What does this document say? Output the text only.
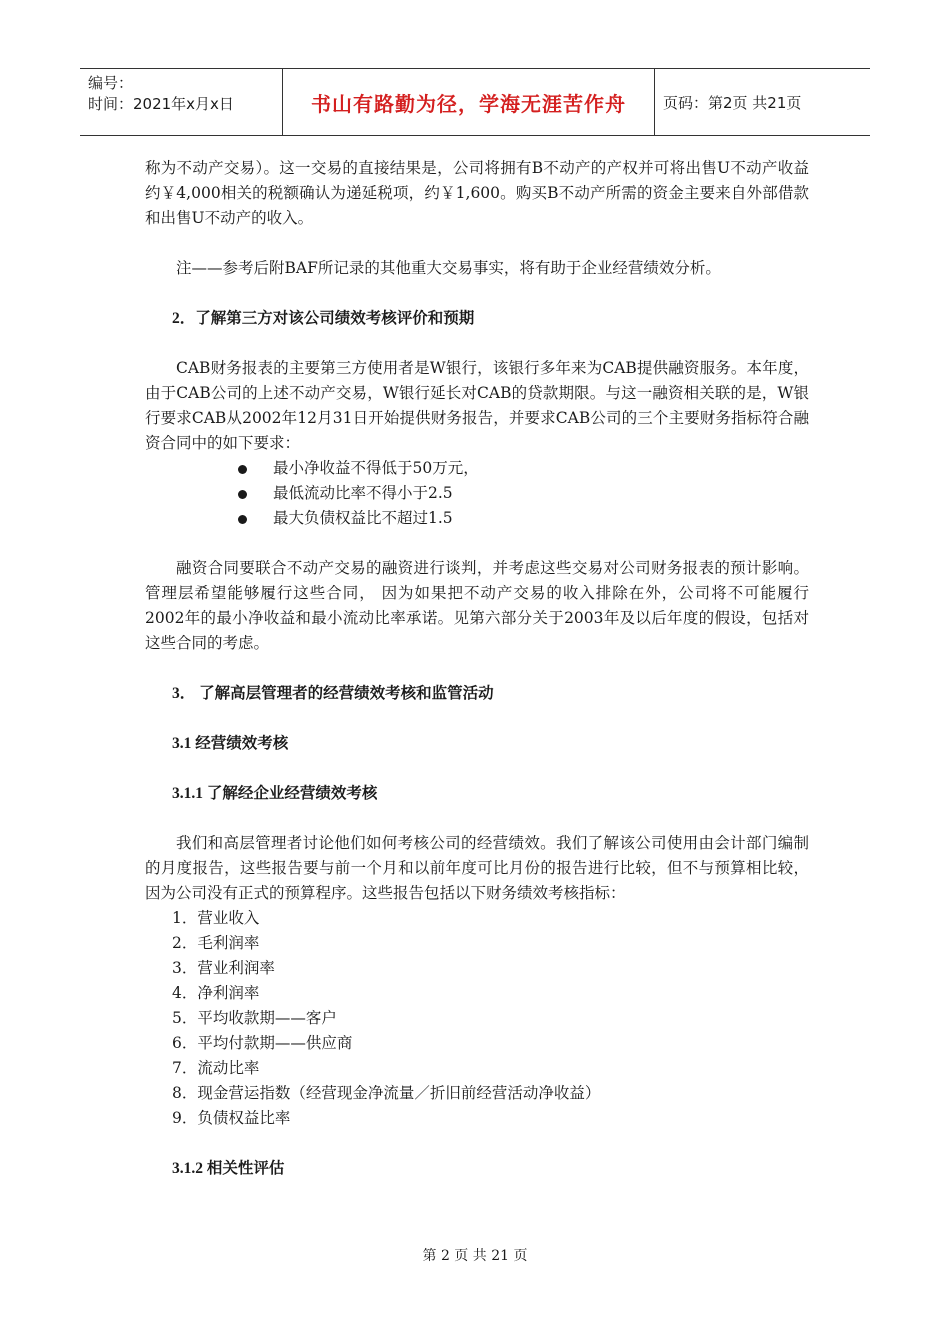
编号：
时间：2021年x月x日	书山有路勤为径，学海无涯苦作舟	页码：第2页 共21页

称为不动产交易）。这一交易的直接结果是，公司将拥有B不动产的产权并可将出售U不动产收益约￥4,000相关的税额确认为递延税项，约￥1,600。购买B不动产所需的资金主要来自外部借款和出售U不动产的收入。

注——参考后附BAF所记录的其他重大交易事实，将有助于企业经营绩效分析。

2．了解第三方对该公司绩效考核评价和预期

CAB财务报表的主要第三方使用者是W银行，该银行多年来为CAB提供融资服务。本年度，由于CAB公司的上述不动产交易，W银行延长对CAB的贷款期限。与这一融资相关联的是，W银行要求CAB从2002年12月31日开始提供财务报告，并要求CAB公司的三个主要财务指标符合融资合同中的如下要求：

最小净收益不得低于50万元，
最低流动比率不得小于2.5
最大负债权益比不超过1.5

融资合同要联合不动产交易的融资进行谈判，并考虑这些交易对公司财务报表的预计影响。管理层希望能够履行这些合同， 因为如果把不动产交易的收入排除在外，公司将不可能履行2002年的最小净收益和最小流动比率承诺。见第六部分关于2003年及以后年度的假设，包括对这些合同的考虑。

3． 了解高层管理者的经营绩效考核和监管活动

3.1 经营绩效考核

3.1.1 了解经企业经营绩效考核

我们和高层管理者讨论他们如何考核公司的经营绩效。我们了解该公司使用由会计部门编制的月度报告，这些报告要与前一个月和以前年度可比月份的报告进行比较，但不与预算相比较，因为公司没有正式的预算程序。这些报告包括以下财务绩效考核指标：

1．营业收入
2．毛利润率
3．营业利润率
4．净利润率
5．平均收款期——客户
6．平均付款期——供应商
7．流动比率
8．现金营运指数（经营现金净流量／折旧前经营活动净收益）
9．负债权益比率

3.1.2 相关性评估

第 2 页 共 21 页
